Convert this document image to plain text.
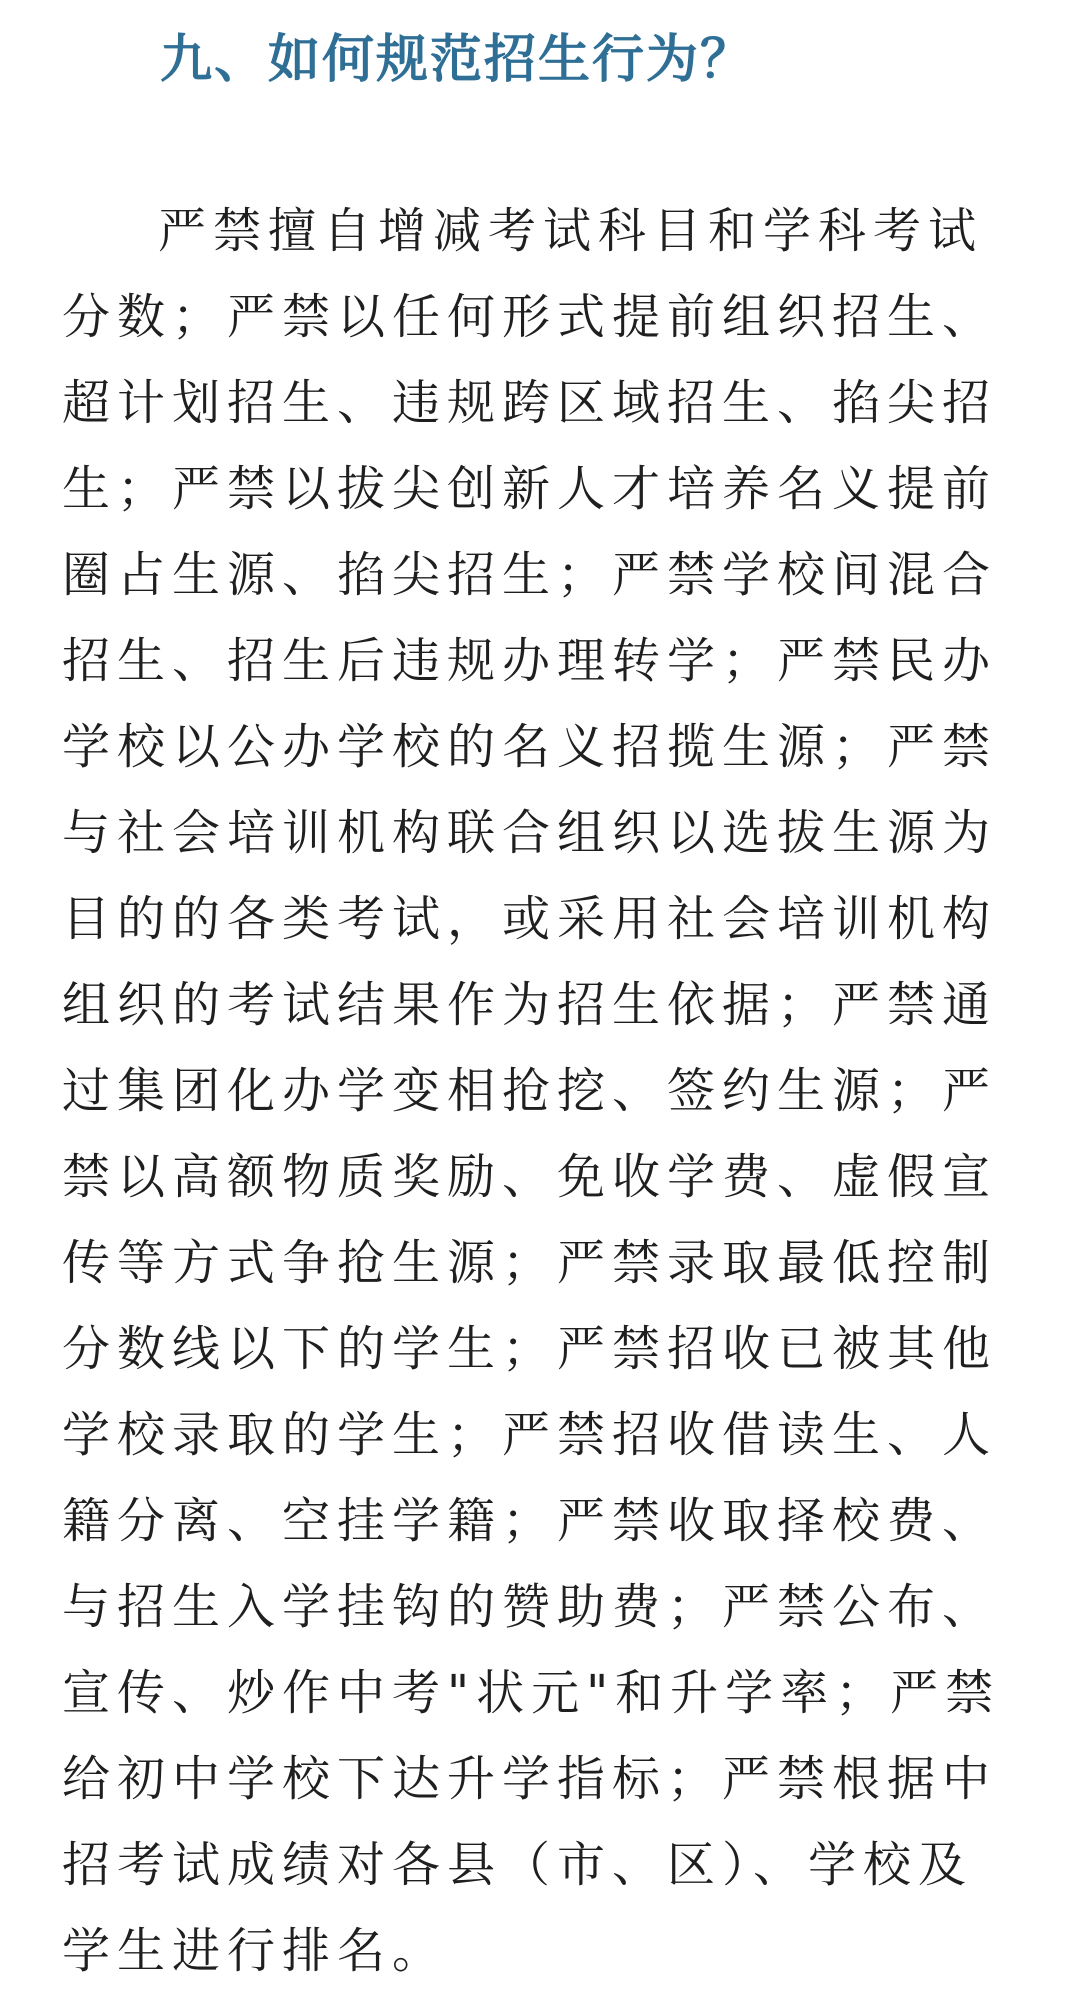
九、如何规范招生行为？
严禁擅自增减考试科目和学科考试
分数；严禁以任何形式提前组织招生、
超计划招生、违规跨区域招生、掐尖招
生；严禁以拔尖创新人才培养名义提前
圈占生源、掐尖招生；严禁学校间混合
招生、招生后违规办理转学；严禁民办
学校以公办学校的名义招揽生源；严禁
与社会培训机构联合组织以选拔生源为
目的的各类考试，或采用社会培训机构
组织的考试结果作为招生依据；严禁通
过集团化办学变相抢挖、签约生源；严
禁以高额物质奖励、免收学费、虚假宣
传等方式争抢生源；严禁录取最低控制
分数线以下的学生；严禁招收已被其他
学校录取的学生；严禁招收借读生、人
籍分离、空挂学籍；严禁收取择校费、
与招生入学挂钩的赞助费；严禁公布、
宣传、炒作中考"状元"和升学率；严禁
给初中学校下达升学指标；严禁根据中
招考试成绩对各县（市、区）、学校及
学生进行排名。
